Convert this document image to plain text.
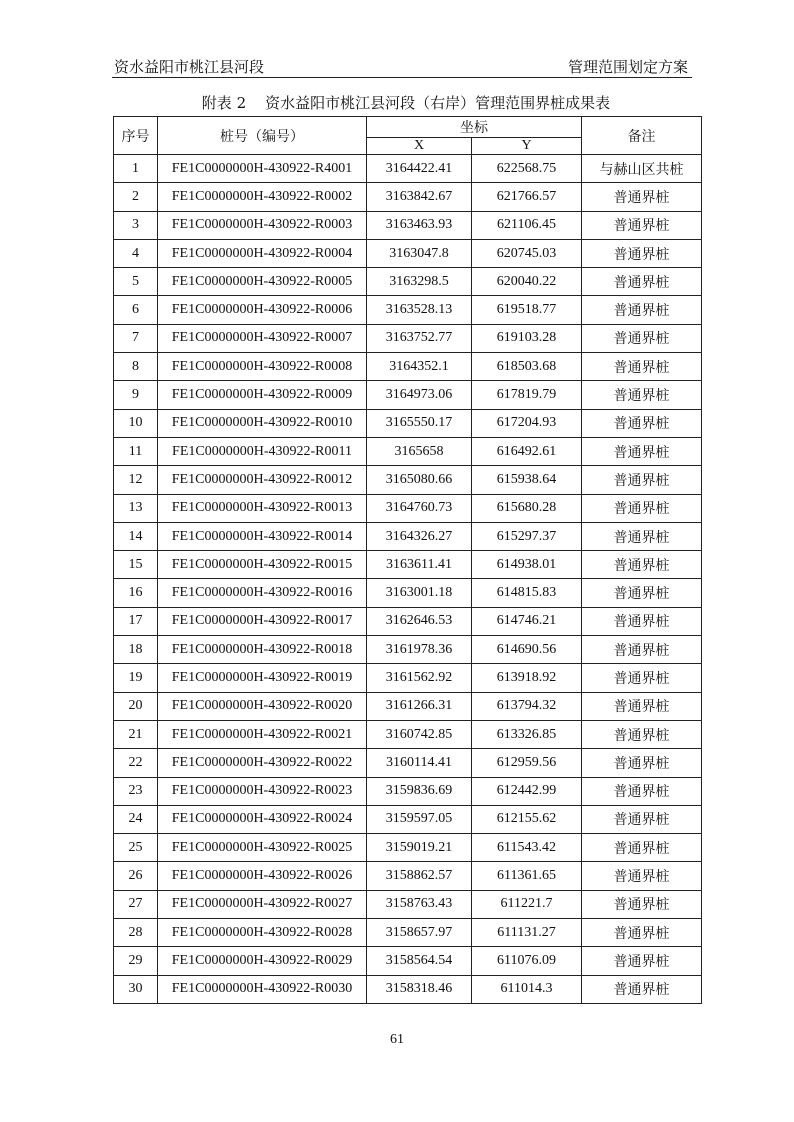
资水益阳市桃江县河段	管理范围划定方案
附表 2    资水益阳市桃江县河段（右岸）管理范围界桩成果表
序号	桩号（编号）	坐标		备注
		X	Y	
1	FE1C0000000H-430922-R4001	3164422.41	622568.75	与赫山区共桩
2	FE1C0000000H-430922-R0002	3163842.67	621766.57	普通界桩
3	FE1C0000000H-430922-R0003	3163463.93	621106.45	普通界桩
4	FE1C0000000H-430922-R0004	3163047.8	620745.03	普通界桩
5	FE1C0000000H-430922-R0005	3163298.5	620040.22	普通界桩
6	FE1C0000000H-430922-R0006	3163528.13	619518.77	普通界桩
7	FE1C0000000H-430922-R0007	3163752.77	619103.28	普通界桩
8	FE1C0000000H-430922-R0008	3164352.1	618503.68	普通界桩
9	FE1C0000000H-430922-R0009	3164973.06	617819.79	普通界桩
10	FE1C0000000H-430922-R0010	3165550.17	617204.93	普通界桩
11	FE1C0000000H-430922-R0011	3165658	616492.61	普通界桩
12	FE1C0000000H-430922-R0012	3165080.66	615938.64	普通界桩
13	FE1C0000000H-430922-R0013	3164760.73	615680.28	普通界桩
14	FE1C0000000H-430922-R0014	3164326.27	615297.37	普通界桩
15	FE1C0000000H-430922-R0015	3163611.41	614938.01	普通界桩
16	FE1C0000000H-430922-R0016	3163001.18	614815.83	普通界桩
17	FE1C0000000H-430922-R0017	3162646.53	614746.21	普通界桩
18	FE1C0000000H-430922-R0018	3161978.36	614690.56	普通界桩
19	FE1C0000000H-430922-R0019	3161562.92	613918.92	普通界桩
20	FE1C0000000H-430922-R0020	3161266.31	613794.32	普通界桩
21	FE1C0000000H-430922-R0021	3160742.85	613326.85	普通界桩
22	FE1C0000000H-430922-R0022	3160114.41	612959.56	普通界桩
23	FE1C0000000H-430922-R0023	3159836.69	612442.99	普通界桩
24	FE1C0000000H-430922-R0024	3159597.05	612155.62	普通界桩
25	FE1C0000000H-430922-R0025	3159019.21	611543.42	普通界桩
26	FE1C0000000H-430922-R0026	3158862.57	611361.65	普通界桩
27	FE1C0000000H-430922-R0027	3158763.43	611221.7	普通界桩
28	FE1C0000000H-430922-R0028	3158657.97	611131.27	普通界桩
29	FE1C0000000H-430922-R0029	3158564.54	611076.09	普通界桩
30	FE1C0000000H-430922-R0030	3158318.46	611014.3	普通界桩
61
